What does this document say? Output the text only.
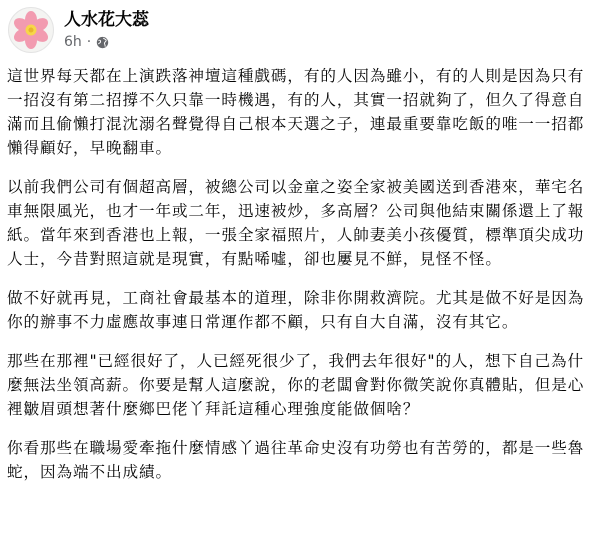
人水花大蕊
6h ·

這世界每天都在上演跌落神壇這種戲碼，有的人因為雖小，有的人則是因為只有一招沒有第二招撐不久只靠一時機遇，有的人，其實一招就夠了，但久了得意自滿而且偷懶打混沈溺名聲覺得自己根本天選之子，連最重要靠吃飯的唯一一招都懶得顧好，早晚翻車。

以前我們公司有個超高層，被總公司以金童之姿全家被美國送到香港來，華宅名車無限風光，也才一年或二年，迅速被炒，多高層？公司與他結束關係還上了報紙。當年來到香港也上報，一張全家福照片，人帥妻美小孩優質，標準頂尖成功人士，今昔對照這就是現實，有點唏噓，卻也屢見不鮮，見怪不怪。

做不好就再見，工商社會最基本的道理，除非你開救濟院。尤其是做不好是因為你的辦事不力虛應故事連日常運作都不顧，只有自大自滿，沒有其它。

那些在那裡"已經很好了，人已經死很少了，我們去年很好"的人，想下自己為什麼無法坐領高薪。你要是幫人這麼說，你的老闆會對你微笑說你真體貼，但是心裡皺眉頭想著什麼鄉巴佬丫拜託這種心理強度能做個啥？

你看那些在職場愛牽拖什麼情感丫過往革命史沒有功勞也有苦勞的，都是一些魯蛇，因為端不出成績。
